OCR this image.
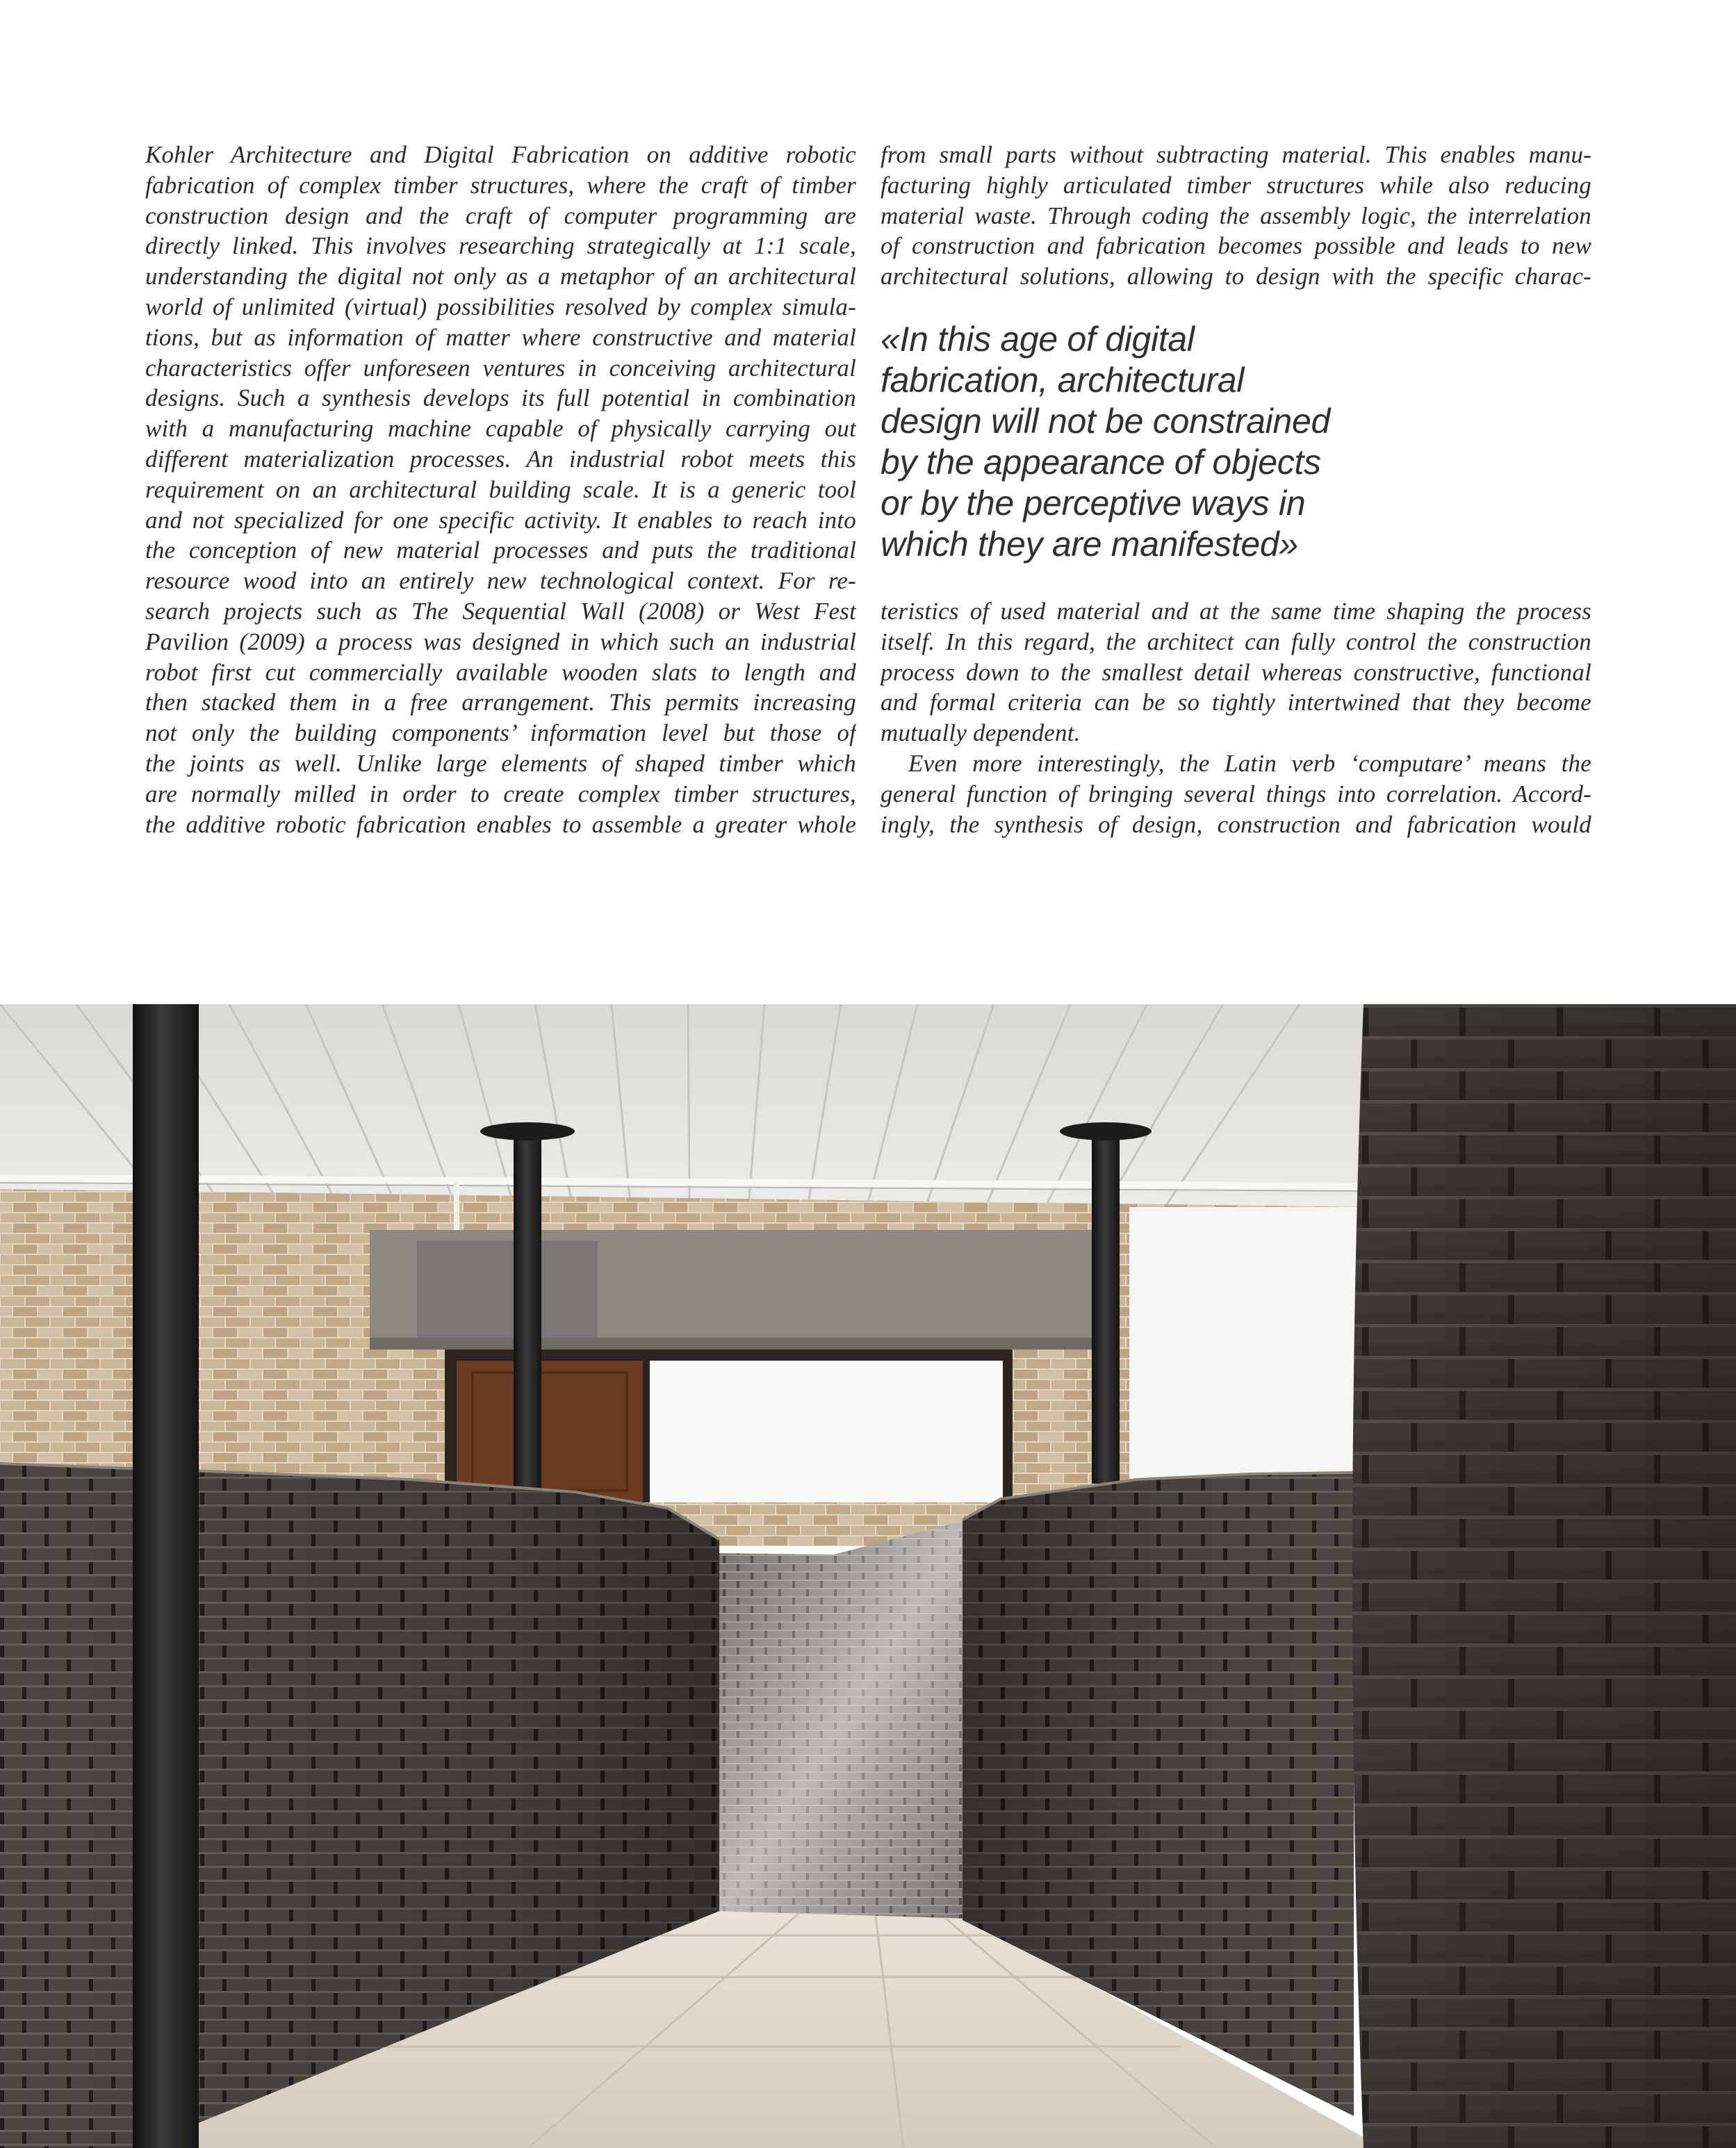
Kohler Architecture and Digital Fabrication on additive robotic
fabrication of complex timber structures, where the craft of timber
construction design and the craft of computer programming are
directly linked. This involves researching strategically at 1:1 scale,
understanding the digital not only as a metaphor of an architectural
world of unlimited (virtual) possibilities resolved by complex simula-
tions, but as information of matter where constructive and material
characteristics offer unforeseen ventures in conceiving architectural
designs. Such a synthesis develops its full potential in combination
with a manufacturing machine capable of physically carrying out
different materialization processes. An industrial robot meets this
requirement on an architectural building scale. It is a generic tool
and not specialized for one specific activity. It enables to reach into
the conception of new material processes and puts the traditional
resource wood into an entirely new technological context. For re-
search projects such as The Sequential Wall (2008) or West Fest
Pavilion (2009) a process was designed in which such an industrial
robot first cut commercially available wooden slats to length and
then stacked them in a free arrangement. This permits increasing
not only the building components’ information level but those of
the joints as well. Unlike large elements of shaped timber which
are normally milled in order to create complex timber structures,
the additive robotic fabrication enables to assemble a greater whole
from small parts without subtracting material. This enables manu-
facturing highly articulated timber structures while also reducing
material waste. Through coding the assembly logic, the interrelation
of construction and fabrication becomes possible and leads to new
architectural solutions, allowing to design with the specific charac-
«In this age of digital
fabrication, architectural
design will not be constrained
by the appearance of objects
or by the perceptive ways in
which they are manifested»
teristics of used material and at the same time shaping the process
itself. In this regard, the architect can fully control the construction
process down to the smallest detail whereas constructive, functional
and formal criteria can be so tightly intertwined that they become
mutually dependent.
Even more interestingly, the Latin verb ‘computare’ means the
general function of bringing several things into correlation. Accord-
ingly, the synthesis of design, construction and fabrication would
